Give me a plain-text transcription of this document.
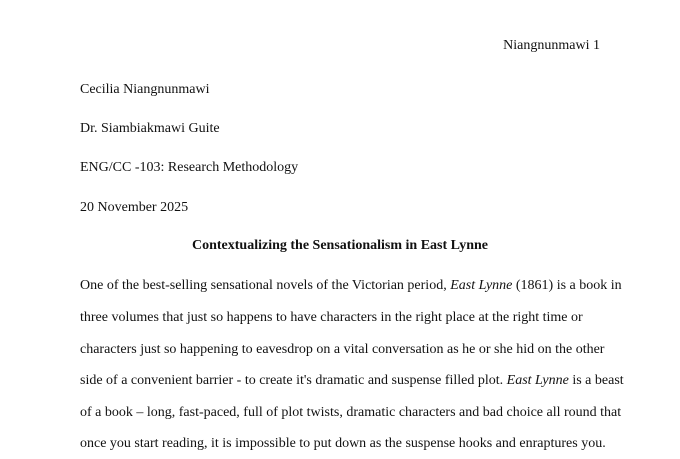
Niangnunmawi 1
Cecilia Niangnunmawi
Dr. Siambiakmawi Guite
ENG/CC -103: Research Methodology
20 November 2025
Contextualizing the Sensationalism in East Lynne
One of the best-selling sensational novels of the Victorian period, East Lynne (1861) is a book in
three volumes that just so happens to have characters in the right place at the right time or
characters just so happening to eavesdrop on a vital conversation as he or she hid on the other
side of a convenient barrier - to create it's dramatic and suspense filled plot. East Lynne is a beast
of a book – long, fast-paced, full of plot twists, dramatic characters and bad choice all round that
once you start reading, it is impossible to put down as the suspense hooks and enraptures you.
